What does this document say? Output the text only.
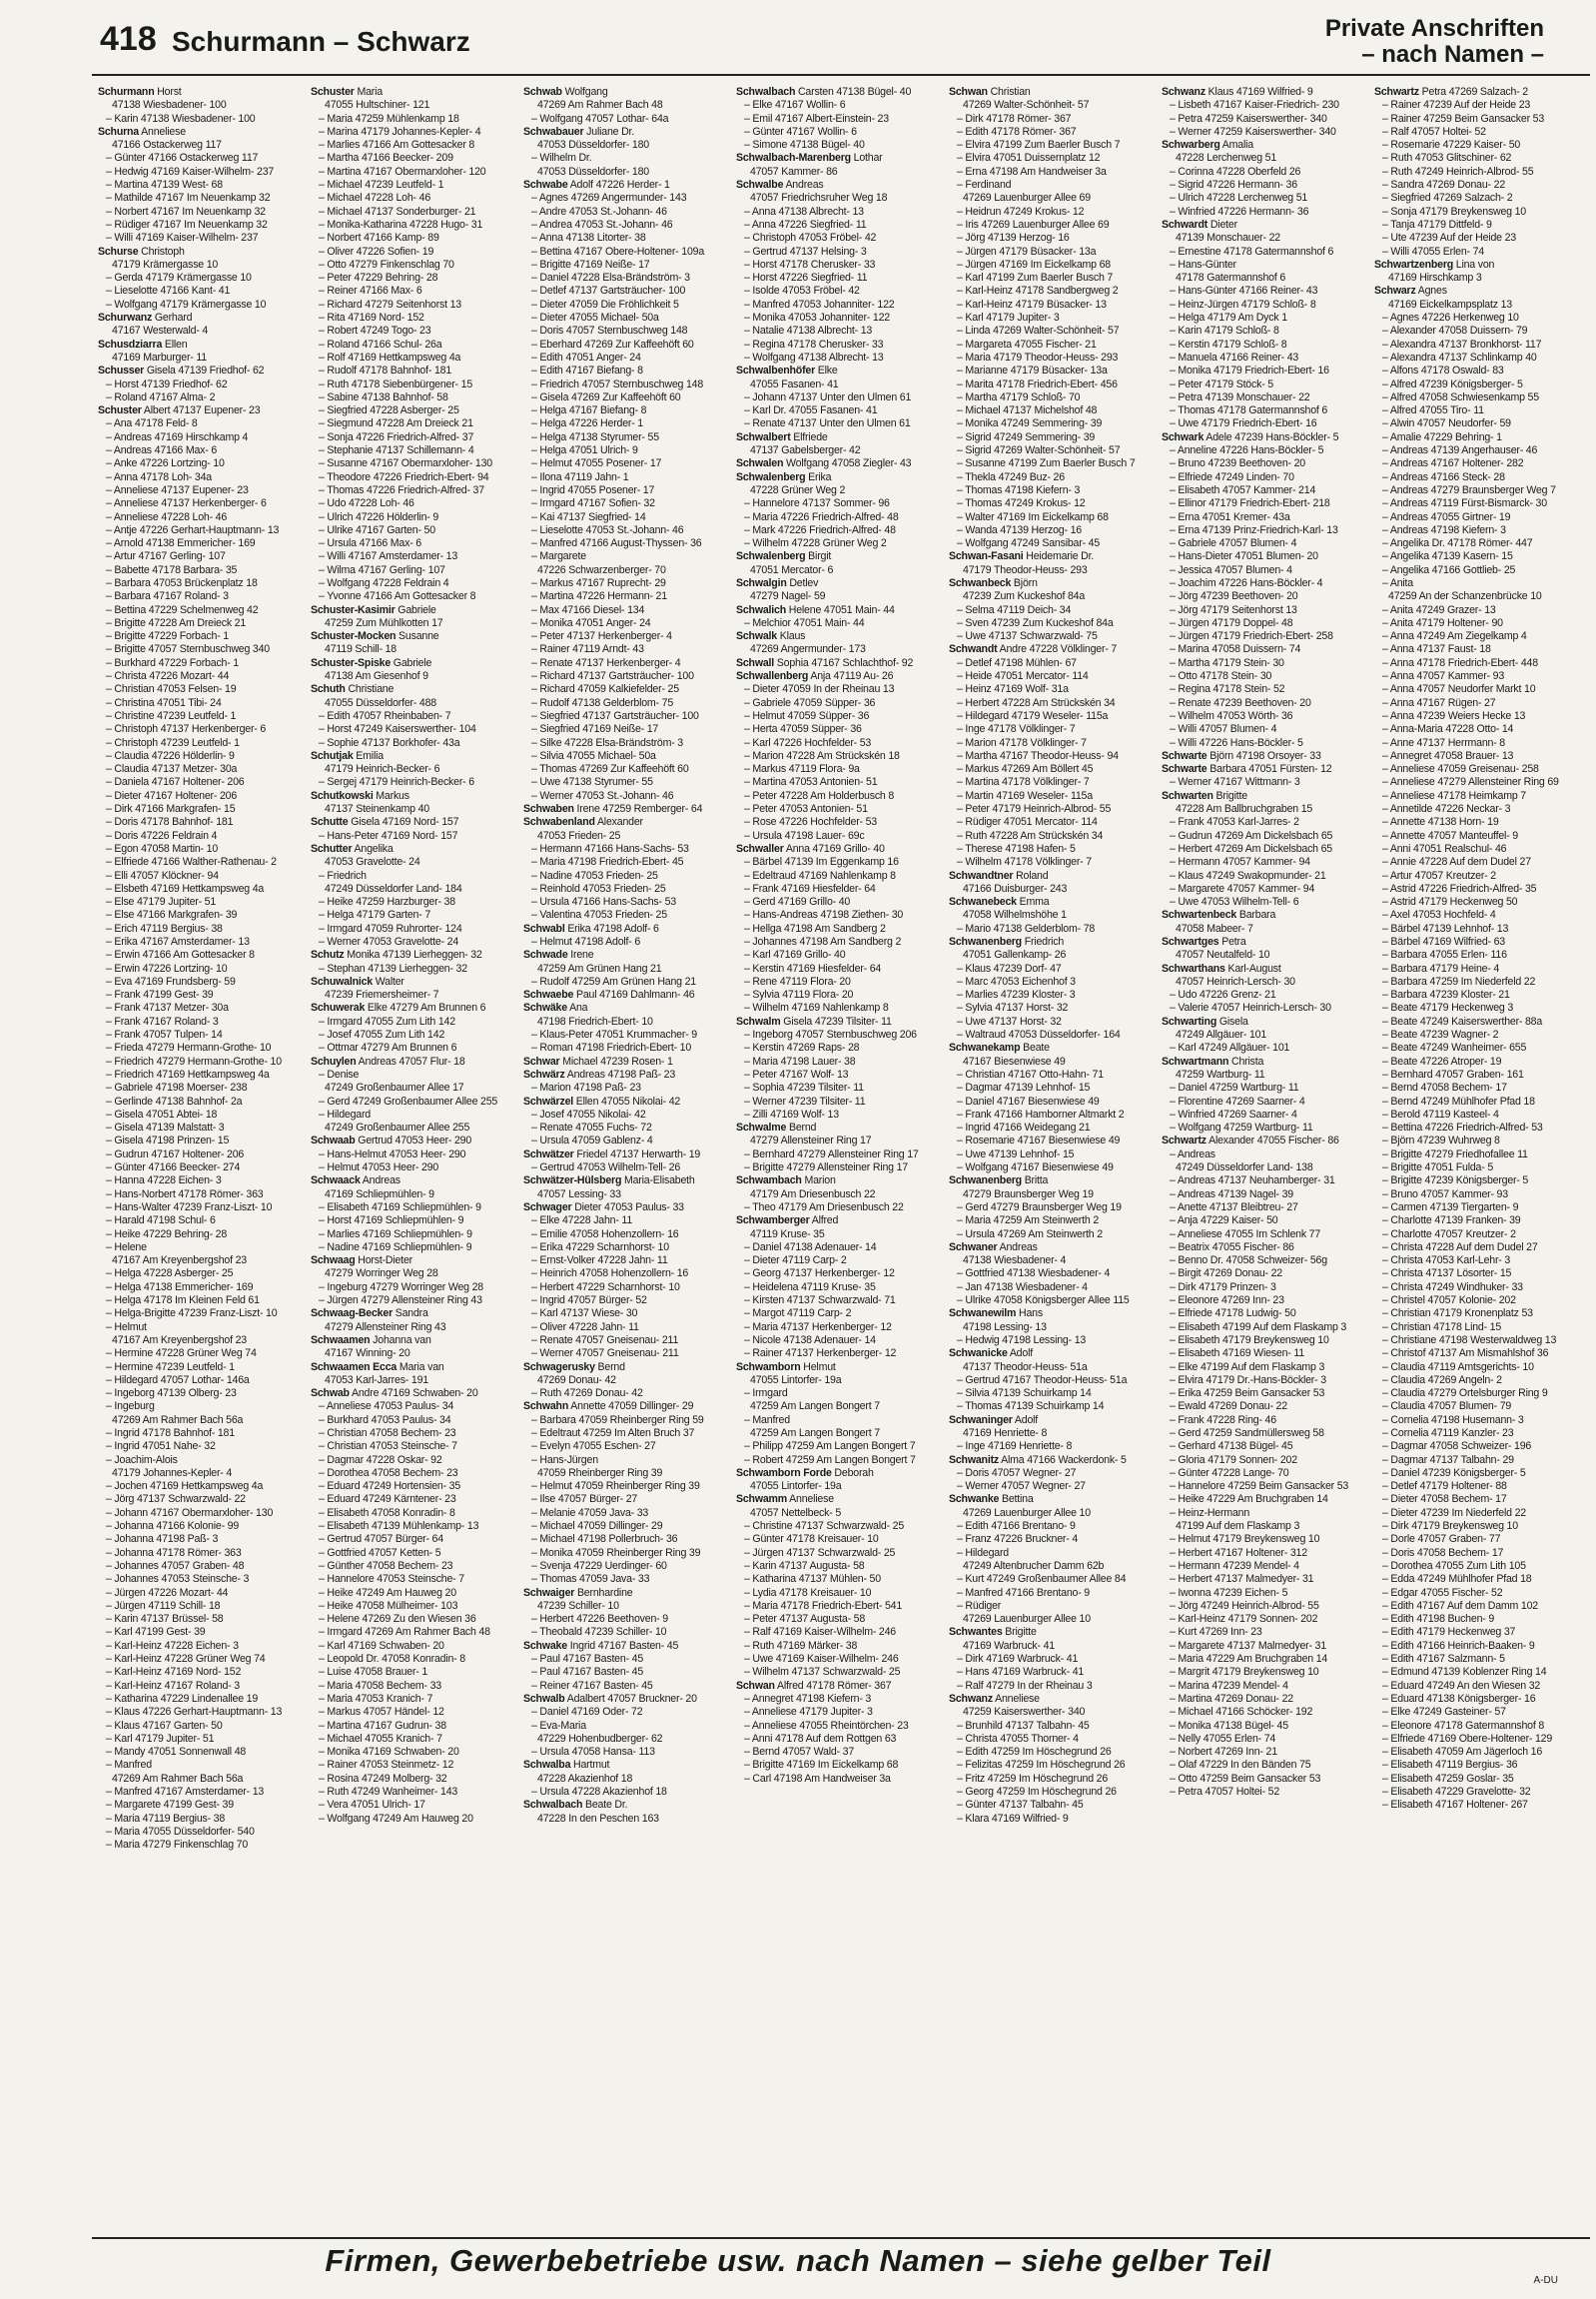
418 Schurmann – Schwarz	Private Anschriften
– nach Namen –
Schurmann Horst
47138 Wiesbadener- 100
– Karin 47138 Wiesbadener- 100
Schurna Anneliese
47166 Ostackerweg 117
– Günter 47166 Ostackerweg 117
– Hedwig 47169 Kaiser-Wilhelm- 237
– Martina 47139 West- 68
– Mathilde 47167 Im Neuenkamp 32
– Norbert 47167 Im Neuenkamp 32
– Rüdiger 47167 Im Neuenkamp 32
– Willi 47169 Kaiser-Wilhelm- 237
Schurse Christoph
47179 Krämergasse 10
– Gerda 47179 Krämergasse 10
– Lieselotte 47166 Kant- 41
– Wolfgang 47179 Krämergasse 10
Schurwanz Gerhard
47167 Westerwald- 4
Schusdziarra Ellen
47169 Marburger- 11
Schusser Gisela 47139 Friedhof- 62
– Horst 47139 Friedhof- 62
– Roland 47167 Alma- 2
Schuster Albert 47137 Eupener- 23
– Ana 47178 Feld- 8
– Andreas 47169 Hirschkamp 4
– Andreas 47166 Max- 6
– Anke 47226 Lortzing- 10
– Anna 47178 Loh- 34a
– Anneliese 47137 Eupener- 23
– Anneliese 47137 Herkenberger- 6
– Anneliese 47228 Loh- 46
– Antje 47226 Gerhart-Hauptmann- 13
– Arnold 47138 Emmericher- 169
– Artur 47167 Gerling- 107
– Babette 47178 Barbara- 35
– Barbara 47053 Brückenplatz 18
– Barbara 47167 Roland- 3
– Bettina 47229 Schelmenweg 42
– Brigitte 47228 Am Dreieck 21
– Brigitte 47229 Forbach- 1
– Brigitte 47057 Sternbuschweg 340
– Burkhard 47229 Forbach- 1
– Christa 47226 Mozart- 44
– Christian 47053 Felsen- 19
– Christina 47051 Tibi- 24
– Christine 47239 Leutfeld- 1
– Christoph 47137 Herkenberger- 6
– Christoph 47239 Leutfeld- 1
– Claudia 47226 Hölderlin- 9
– Claudia 47137 Metzer- 30a
– Daniela 47167 Holtener- 206
– Dieter 47167 Holtener- 206
– Dirk 47166 Markgrafen- 15
– Doris 47178 Bahnhof- 181
– Doris 47226 Feldrain 4
– Egon 47058 Martin- 10
– Elfriede 47166 Walther-Rathenau- 2
– Elli 47057 Klöckner- 94
– Elsbeth 47169 Hettkampsweg 4a
– Else 47179 Jupiter- 51
– Else 47166 Markgrafen- 39
– Erich 47119 Bergius- 38
– Erika 47167 Amsterdamer- 13
– Erwin 47166 Am Gottesacker 8
– Erwin 47226 Lortzing- 10
– Eva 47169 Frundsberg- 59
– Frank 47199 Gest- 39
– Frank 47137 Metzer- 30a
– Frank 47167 Roland- 3
– Frank 47057 Tulpen- 14
– Frieda 47279 Hermann-Grothe- 10
– Friedrich 47279 Hermann-Grothe- 10
– Friedrich 47169 Hettkampsweg 4a
– Gabriele 47198 Moerser- 238
– Gerlinde 47138 Bahnhof- 2a
– Gisela 47051 Abtei- 18
– Gisela 47139 Malstatt- 3
– Gisela 47198 Prinzen- 15
– Gudrun 47167 Holtener- 206
– Günter 47166 Beecker- 274
– Hanna 47228 Eichen- 3
– Hans-Norbert 47178 Römer- 363
– Hans-Walter 47239 Franz-Liszt- 10
– Harald 47198 Schul- 6
– Heike 47229 Behring- 28
– Helene
47167 Am Kreyenbergshof 23
– Helga 47228 Asberger- 25
– Helga 47138 Emmericher- 169
– Helga 47178 Im Kleinen Feld 61
– Helga-Brigitte 47239 Franz-Liszt- 10
– Helmut
47167 Am Kreyenbergshof 23
– Hermine 47228 Grüner Weg 74
– Hermine 47239 Leutfeld- 1
– Hildegard 47057 Lothar- 146a
– Ingeborg 47139 Olberg- 23
– Ingeburg
47269 Am Rahmer Bach 56a
– Ingrid 47178 Bahnhof- 181
– Ingrid 47051 Nahe- 32
– Joachim-Alois
47179 Johannes-Kepler- 4
– Jochen 47169 Hettkampsweg 4a
– Jörg 47137 Schwarzwald- 22
– Johann 47167 Obermarxloher- 130
– Johanna 47166 Koloniе- 99
– Johanna 47198 Paß- 3
– Johanna 47178 Römer- 363
– Johannes 47057 Graben- 48
– Johannes 47053 Steinsche- 3
– Jürgen 47226 Mozart- 44
– Jürgen 47119 Schill- 18
– Karin 47137 Brüssel- 58
– Karl 47199 Gest- 39
– Karl-Heinz 47228 Eichen- 3
– Karl-Heinz 47228 Grüner Weg 74
– Karl-Heinz 47169 Nord- 152
– Karl-Heinz 47167 Roland- 3
– Katharina 47229 Lindenallee 19
– Klaus 47226 Gerhart-Hauptmann- 13
– Klaus 47167 Garten- 50
– Karl 47179 Jupiter- 51
– Mandy 47051 Sonnenwall 48
– Manfred
47269 Am Rahmer Bach 56a
– Manfred 47167 Amsterdamer- 13
– Margarete 47199 Gest- 39
– Maria 47119 Bergius- 38
– Maria 47055 Düsseldorfer- 540
– Maria 47279 Finkenschlag 70
Schuster Maria
47055 Hultschiner- 121
– Maria 47259 Mühlenkamp 18
– Marina 47179 Johannes-Kepler- 4
– Marlies 47166 Am Gottesacker 8
– Martha 47166 Beecker- 209
– Martina 47167 Obermarxloher- 120
– Michael 47239 Leutfeld- 1
– Michael 47228 Loh- 46
– Michael 47137 Sonderburger- 21
– Monika-Katharina 47228 Hugo- 31
– Norbert 47166 Kamp- 89
– Oliver 47226 Sofien- 19
– Otto 47279 Finkenschlag 70
– Peter 47229 Behring- 28
– Reiner 47166 Max- 6
– Richard 47279 Seitenhorst 13
– Rita 47169 Nord- 152
– Robert 47249 Togo- 23
– Roland 47166 Schul- 26a
– Rolf 47169 Hettkampsweg 4a
– Rudolf 47178 Bahnhof- 181
– Ruth 47178 Siebenbürgener- 15
– Sabine 47138 Bahnhof- 58
– Siegfried 47228 Asberger- 25
– Siegmund 47228 Am Dreieck 21
– Sonja 47226 Friedrich-Alfred- 37
– Stephanie 47137 Schillemann- 4
– Susanne 47167 Obermarxloher- 130
– Theodore 47226 Friedrich-Ebert- 94
– Thomas 47226 Friedrich-Alfred- 37
– Udo 47228 Loh- 46
– Ulrich 47226 Hölderlin- 9
– Ulrike 47167 Garten- 50
– Ursula 47166 Max- 6
– Willi 47167 Amsterdamer- 13
– Wilma 47167 Gerling- 107
– Wolfgang 47228 Feldrain 4
– Yvonne 47166 Am Gottesacker 8
Schuster-Kasimir Gabriele
47259 Zum Mühlkotten 17
Schuster-Mocken Susanne
47119 Schill- 18
Schuster-Spiske Gabriele
47138 Am Giesenhof 9
Schuth Christiane
47055 Düsseldorfer- 488
– Edith 47057 Rheinbaben- 7
– Horst 47249 Kaiserswerther- 104
– Sophie 47137 Borkhofer- 43a
Schutjak Emilia
47179 Heinrich-Becker- 6
– Sergej 47179 Heinrich-Becker- 6
Schutkowski Markus
47137 Steinenkamp 40
Schutte Gisela 47169 Nord- 157
– Hans-Peter 47169 Nord- 157
Schutter Angelika
47053 Gravelotte- 24
– Friedrich
47249 Düsseldorfer Land- 184
– Heike 47259 Harzburger- 38
– Helga 47179 Garten- 7
– Irmgard 47059 Ruhrorter- 124
– Werner 47053 Gravelotte- 24
Schutz Monika 47139 Lierheggen- 32
– Stephan 47139 Lierheggen- 32
Schuwalnick Walter
47239 Friemersheimer- 7
Schuwerak Elke 47279 Am Brunnen 6
– Irmgard 47055 Zum Lith 142
– Josef 47055 Zum Lith 142
– Ottmar 47279 Am Brunnen 6
Schuylen Andreas 47057 Flur- 18
– Denise
47249 Großenbaumer Allee 17
– Gerd 47249 Großenbaumer Allee 255
– Hildegard
47249 Großenbaumer Allee 255
Schwaab Gertrud 47053 Heer- 290
– Hans-Helmut 47053 Heer- 290
– Helmut 47053 Heer- 290
Schwaack Andreas
47169 Schliepmühlen- 9
– Elisabeth 47169 Schliepmühlen- 9
– Horst 47169 Schliepmühlen- 9
– Marlies 47169 Schliepmühlen- 9
– Nadine 47169 Schliepmühlen- 9
Schwaag Horst-Dieter
47279 Worringer Weg 28
– Ingeburg 47279 Worringer Weg 28
– Jürgen 47279 Allensteiner Ring 43
Schwaag-Becker Sandra
47279 Allensteiner Ring 43
Schwaamen Johanna van
47167 Winning- 20
Schwaamen Ecca Maria van
47053 Karl-Jarres- 191
Schwab Andre 47169 Schwaben- 20
– Anneliese 47053 Paulus- 34
– Burkhard 47053 Paulus- 34
– Christian 47058 Bechem- 23
– Christian 47053 Steinsche- 7
– Dagmar 47228 Oskar- 92
– Dorothea 47058 Bechem- 23
– Eduard 47249 Hortensien- 35
– Eduard 47249 Kärntener- 23
– Elisabeth 47058 Konradin- 8
– Elisabeth 47139 Mühlenkamp- 13
– Gertrud 47057 Bürger- 64
– Gottfried 47057 Ketten- 5
– Günther 47058 Bechem- 23
– Hannelore 47053 Steinsche- 7
– Heike 47249 Am Hauweg 20
– Heike 47058 Mülheimer- 103
– Helene 47269 Zu den Wiesen 36
– Irmgard 47269 Am Rahmer Bach 48
– Karl 47169 Schwaben- 20
– Leopold Dr. 47058 Konradin- 8
– Luise 47058 Brauer- 1
– Maria 47058 Bechem- 33
– Maria 47053 Kranich- 7
– Markus 47057 Händel- 12
– Martina 47167 Gudrun- 38
– Michael 47055 Kranich- 7
– Monika 47169 Schwaben- 20
– Rainer 47053 Steinmetz- 12
– Rosina 47249 Molberg- 32
– Ruth 47249 Wanheimer- 143
– Vera 47051 Ulrich- 17
– Wolfgang 47249 Am Hauweg 20
Schwab Wolfgang
47269 Am Rahmer Bach 48
– Wolfgang 47057 Lothar- 64a
Schwabauer Juliane Dr.
47053 Düsseldorfer- 180
– Wilhelm Dr.
47053 Düsseldorfer- 180
Schwabe Adolf 47226 Herder- 1
– Agnes 47269 Angermunder- 143
– Andre 47053 St.-Johann- 46
– Andrea 47053 St.-Johann- 46
– Anna 47138 Litorter- 38
– Bettina 47167 Obere-Holtener- 109a
– Brigitte 47169 Neiße- 17
– Daniel 47228 Elsa-Brändström- 3
– Detlef 47137 Gartsträucher- 100
– Dieter 47059 Die Fröhlichkeit 5
– Dieter 47055 Michael- 50a
– Doris 47057 Sternbuschweg 148
– Eberhard 47269 Zur Kaffeehöft 60
– Edith 47051 Anger- 24
– Edith 47167 Biefang- 8
– Friedrich 47057 Sternbuschweg 148
– Gisela 47269 Zur Kaffeehöft 60
– Helga 47167 Biefang- 8
– Helga 47226 Herder- 1
– Helga 47138 Styrumer- 55
– Helga 47051 Ulrich- 9
– Helmut 47055 Posener- 17
– Ilona 47119 Jahn- 1
– Ingrid 47055 Posener- 17
– Irmgard 47167 Sofien- 32
– Kai 47137 Siegfried- 14
– Lieselotte 47053 St.-Johann- 46
– Manfred 47166 August-Thyssen- 36
– Margarete
47226 Schwarzenberger- 70
– Markus 47167 Ruprecht- 29
– Martina 47226 Hermann- 21
– Max 47166 Diesel- 134
– Monika 47051 Anger- 24
– Peter 47137 Herkenberger- 4
– Rainer 47119 Arndt- 43
– Renate 47137 Herkenberger- 4
– Richard 47137 Gartsträucher- 100
– Richard 47059 Kalkiefelder- 25
– Rudolf 47138 Gelderblom- 75
– Siegfried 47137 Gartsträucher- 100
– Siegfried 47169 Neiße- 17
– Silke 47228 Elsa-Brändström- 3
– Silvia 47055 Michael- 50a
– Thomas 47269 Zur Kaffeehöft 60
– Uwe 47138 Styrumer- 55
– Werner 47053 St.-Johann- 46
Schwaben Irene 47259 Remberger- 64
Schwabenland Alexander
47053 Frieden- 25
– Hermann 47166 Hans-Sachs- 53
– Maria 47198 Friedrich-Ebert- 45
– Nadine 47053 Frieden- 25
– Reinhold 47053 Frieden- 25
– Ursula 47166 Hans-Sachs- 53
– Valentina 47053 Frieden- 25
Schwabl Erika 47198 Adolf- 6
– Helmut 47198 Adolf- 6
Schwade Irene
47259 Am Grünen Hang 21
– Rudolf 47259 Am Grünen Hang 21
Schwaebe Paul 47169 Dahlmann- 46
Schwäke Ana
47198 Friedrich-Ebert- 10
– Klaus-Peter 47051 Krummacher- 9
– Roman 47198 Friedrich-Ebert- 10
Schwar Michael 47239 Rosen- 1
Schwärz Andreas 47198 Paß- 23
– Marion 47198 Paß- 23
Schwärzel Ellen 47055 Nikolai- 42
– Josef 47055 Nikolai- 42
– Renate 47055 Fuchs- 72
– Ursula 47059 Gablenz- 4
Schwätzer Friedel 47137 Herwarth- 19
– Gertrud 47053 Wilhelm-Tell- 26
Schwätzer-Hülsberg Maria-Elisabeth
47057 Lessing- 33
Schwager Dieter 47053 Paulus- 33
– Elke 47228 Jahn- 11
– Emilie 47058 Hohenzollern- 16
– Erika 47229 Scharnhorst- 10
– Ernst-Volker 47228 Jahn- 11
– Heinrich 47058 Hohenzollern- 16
– Herbert 47229 Scharnhorst- 10
– Ingrid 47057 Bürger- 52
– Karl 47137 Wiese- 30
– Oliver 47228 Jahn- 11
– Renate 47057 Gneisenau- 211
– Werner 47057 Gneisenau- 211
Schwagerusky Bernd
47269 Donau- 42
– Ruth 47269 Donau- 42
Schwahn Annette 47059 Dillinger- 29
– Barbara 47059 Rheinberger Ring 59
– Edeltraut 47259 Im Alten Bruch 37
– Evelyn 47055 Eschen- 27
– Hans-Jürgen
47059 Rheinberger Ring 39
– Helmut 47059 Rheinberger Ring 39
– Ilse 47057 Bürger- 27
– Melanie 47059 Java- 33
– Michael 47059 Dillinger- 29
– Michael 47198 Pollerbruch- 36
– Monika 47059 Rheinberger Ring 39
– Svenja 47229 Uerdinger- 60
– Thomas 47059 Java- 33
Schwaiger Bernhardine
47239 Schiller- 10
– Herbert 47226 Beethoven- 9
– Theobald 47239 Schiller- 10
Schwake Ingrid 47167 Basten- 45
– Paul 47167 Basten- 45
– Paul 47167 Basten- 45
– Reiner 47167 Basten- 45
Schwalb Adalbert 47057 Bruckner- 20
– Daniel 47169 Oder- 72
– Eva-Maria
47229 Hohenbudberger- 62
– Ursula 47058 Hansa- 113
Schwalba Hartmut
47228 Akazienhof 18
– Ursula 47228 Akazienhof 18
Schwalbach Beate Dr.
47228 In den Peschen 163
Schwalbach Carsten 47138 Bügel- 40
– Elke 47167 Wollin- 6
– Emil 47167 Albert-Einstein- 23
– Günter 47167 Wollin- 6
– Simone 47138 Bügel- 40
Schwalbach-Marenberg Lothar
47057 Kammer- 86
Schwalbe Andreas
47057 Friedrichsruher Weg 18
– Anna 47138 Albrecht- 13
– Anna 47226 Siegfried- 11
– Christoph 47053 Fröbel- 42
– Gertrud 47137 Helsing- 3
– Horst 47178 Cherusker- 33
– Horst 47226 Siegfried- 11
– Isolde 47053 Fröbel- 42
– Manfred 47053 Johanniter- 122
– Monika 47053 Johanniter- 122
– Natalie 47138 Albrecht- 13
– Regina 47178 Cherusker- 33
– Wolfgang 47138 Albrecht- 13
Schwalbenhöfer Elke
47055 Fasanen- 41
– Johann 47137 Unter den Ulmen 61
– Karl Dr. 47055 Fasanen- 41
– Renate 47137 Unter den Ulmen 61
Schwalbert Elfriede
47137 Gabelsberger- 42
Schwalen Wolfgang 47058 Ziegler- 43
Schwalenberg Erika
47228 Grüner Weg 2
– Hannelore 47137 Sommer- 96
– Maria 47226 Friedrich-Alfred- 48
– Mark 47226 Friedrich-Alfred- 48
– Wilhelm 47228 Grüner Weg 2
Schwalenberg Birgit
47051 Mercator- 6
Schwalgin Detlev
47279 Nagel- 59
Schwalich Helene 47051 Main- 44
– Melchior 47051 Main- 44
Schwalk Klaus
47269 Angermunder- 173
Schwall Sophia 47167 Schlachthof- 92
Schwallenberg Anja 47119 Au- 26
– Dieter 47059 In der Rheinau 13
– Gabriele 47059 Süpper- 36
– Helmut 47059 Süpper- 36
– Herta 47059 Süpper- 36
– Karl 47226 Hochfelder- 53
– Marion 47228 Am Strückskén 18
– Markus 47119 Flora- 9a
– Martina 47053 Antonien- 51
– Peter 47228 Am Holderbusch 8
– Peter 47053 Antonien- 51
– Rose 47226 Hochfelder- 53
– Ursula 47198 Lauer- 69c
Schwaller Anna 47169 Grillo- 40
– Bärbel 47139 Im Eggenkamp 16
– Edeltraud 47169 Nahlenkamp 8
– Frank 47169 Hiesfelder- 64
– Gerd 47169 Grillo- 40
– Hans-Andreas 47198 Ziethen- 30
– Hellga 47198 Am Sandberg 2
– Johannes 47198 Am Sandberg 2
– Karl 47169 Grillo- 40
– Kerstin 47169 Hiesfelder- 64
– Rene 47119 Flora- 20
– Sylvia 47119 Flora- 20
– Wilhelm 47169 Nahlenkamp 8
Schwalm Gisela 47239 Tilsiter- 11
– Ingeborg 47057 Sternbuschweg 206
– Kerstin 47269 Raps- 28
– Maria 47198 Lauer- 38
– Peter 47167 Wolf- 13
– Sophia 47239 Tilsiter- 11
– Werner 47239 Tilsiter- 11
– Zilli 47169 Wolf- 13
Schwalme Bernd
47279 Allensteiner Ring 17
– Bernhard 47279 Allensteiner Ring 17
– Brigitte 47279 Allensteiner Ring 17
Schwambach Marion
47179 Am Driesenbusch 22
– Theo 47179 Am Driesenbusch 22
Schwamberger Alfred
47119 Kruse- 35
– Daniel 47138 Adenauer- 14
– Dieter 47119 Carp- 2
– Georg 47137 Herkenberger- 12
– Heidelena 47119 Kruse- 35
– Kirsten 47137 Schwarzwald- 71
– Margot 47119 Carp- 2
– Maria 47137 Herkenberger- 12
– Nicole 47138 Adenauer- 14
– Rainer 47137 Herkenberger- 12
Schwamborn Helmut
47055 Lintorfer- 19a
– Irmgard
47259 Am Langen Bongert 7
– Manfred
47259 Am Langen Bongert 7
– Philipp 47259 Am Langen Bongert 7
– Robert 47259 Am Langen Bongert 7
Schwamborn Forde Deborah
47055 Lintorfer- 19a
Schwamm Anneliese
47057 Nettelbeck- 5
– Christine 47137 Schwarzwald- 25
– Günter 47178 Kreisauer- 10
– Jürgen 47137 Schwarzwald- 25
– Karin 47137 Augusta- 58
– Katharina 47137 Mühlen- 50
– Lydia 47178 Kreisauer- 10
– Maria 47178 Friedrich-Ebert- 541
– Peter 47137 Augusta- 58
– Ralf 47169 Kaiser-Wilhelm- 246
– Ruth 47169 Märker- 38
– Uwe 47169 Kaiser-Wilhelm- 246
– Wilhelm 47137 Schwarzwald- 25
Schwan Alfred 47178 Römer- 367
– Annegret 47198 Kiefern- 3
– Anneliese 47179 Jupiter- 3
– Anneliese 47055 Rheintörchen- 23
– Anni 47178 Auf dem Rottgen 63
– Bernd 47057 Wald- 37
– Brigitte 47169 Im Eickelkamp 68
– Carl 47198 Am Handweiser 3a
Schwan Christian
47269 Walter-Schönheit- 57
– Dirk 47178 Römer- 367
– Edith 47178 Römer- 367
– Elvira 47199 Zum Baerler Busch 7
– Elvira 47051 Duissernplatz 12
– Erna 47198 Am Handweiser 3a
– Ferdinand
47269 Lauenburger Allee 69
– Heidrun 47249 Krokus- 12
– Iris 47269 Lauenburger Allee 69
– Jörg 47139 Herzog- 16
– Jürgen 47179 Büsacker- 13a
– Jürgen 47169 Im Eickelkamp 68
– Karl 47199 Zum Baerler Busch 7
– Karl-Heinz 47178 Sandbergweg 2
– Karl-Heinz 47179 Büsacker- 13
– Karl 47179 Jupiter- 3
– Linda 47269 Walter-Schönheit- 57
– Margareta 47055 Fischer- 21
– Maria 47179 Theodor-Heuss- 293
– Marianne 47179 Büsacker- 13a
– Marita 47178 Friedrich-Ebert- 456
– Martha 47179 Schloß- 70
– Michael 47137 Michelshof 48
– Monika 47249 Semmering- 39
– Sigrid 47249 Semmering- 39
– Sigrid 47269 Walter-Schönheit- 57
– Susanne 47199 Zum Baerler Busch 7
– Thekla 47249 Buz- 26
– Thomas 47198 Kiefern- 3
– Thomas 47249 Krokus- 12
– Walter 47169 Im Eickelkamp 68
– Wanda 47139 Herzog- 16
– Wolfgang 47249 Sansibar- 45
Schwan-Fasani Heidemarie Dr.
47179 Theodor-Heuss- 293
Schwanbeck Björn
47239 Zum Kuckeshof 84a
– Selma 47119 Deich- 34
– Sven 47239 Zum Kuckeshof 84a
– Uwe 47137 Schwarzwald- 75
Schwandt Andre 47228 Völklinger- 7
– Detlef 47198 Mühlen- 67
– Heide 47051 Mercator- 114
– Heinz 47169 Wolf- 31a
– Herbert 47228 Am Strückskén 34
– Hildegard 47179 Weseler- 115a
– Inge 47178 Völklinger- 7
– Marion 47178 Völklinger- 7
– Martha 47167 Theodor-Heuss- 94
– Markus 47269 Am Böllert 45
– Martina 47178 Völklinger- 7
– Martin 47169 Weseler- 115a
– Peter 47179 Heinrich-Albrod- 55
– Rüdiger 47051 Mercator- 114
– Ruth 47228 Am Strückskén 34
– Therese 47198 Hafen- 5
– Wilhelm 47178 Völklinger- 7
Schwandtner Roland
47166 Duisburger- 243
Schwanebeck Emma
47058 Wilhelmshöhe 1
– Mario 47138 Gelderblom- 78
Schwanenberg Friedrich
47051 Gallenkamp- 26
– Klaus 47239 Dorf- 47
– Marc 47053 Eichenhof 3
– Marlies 47239 Kloster- 3
– Sylvia 47137 Horst- 32
– Uwe 47137 Horst- 32
– Waltraud 47053 Düsseldorfer- 164
Schwanekamp Beate
47167 Biesenwiese 49
– Christian 47167 Otto-Hahn- 71
– Dagmar 47139 Lehnhof- 15
– Daniel 47167 Biesenwiese 49
– Frank 47166 Hamborner Altmarkt 2
– Ingrid 47166 Weidegang 21
– Rosemarie 47167 Biesenwiese 49
– Uwe 47139 Lehnhof- 15
– Wolfgang 47167 Biesenwiese 49
Schwanenberg Britta
47279 Braunsberger Weg 19
– Gerd 47279 Braunsberger Weg 19
– Maria 47259 Am Steinwerth 2
– Ursula 47269 Am Steinwerth 2
Schwaner Andreas
47138 Wiesbadener- 4
– Gottfried 47138 Wiesbadener- 4
– Jan 47138 Wiesbadener- 4
– Ulrike 47058 Königsberger Allee 115
Schwanewilm Hans
47198 Lessing- 13
– Hedwig 47198 Lessing- 13
Schwanicke Adolf
47137 Theodor-Heuss- 51a
– Gertrud 47167 Theodor-Heuss- 51a
– Silvia 47139 Schuirkamp 14
– Thomas 47139 Schuirkamp 14
Schwaninger Adolf
47169 Henriette- 8
– Inge 47169 Henriette- 8
Schwanitz Alma 47166 Wackerdonk- 5
– Doris 47057 Wegner- 27
– Werner 47057 Wegner- 27
Schwanke Bettina
47269 Lauenburger Allee 10
– Edith 47166 Brentano- 9
– Franz 47226 Bruckner- 4
– Hildegard
47249 Altenbrucher Damm 62b
– Kurt 47249 Großenbaumer Allee 84
– Manfred 47166 Brentano- 9
– Rüdiger
47269 Lauenburger Allee 10
Schwantes Brigitte
47169 Warbruck- 41
– Dirk 47169 Warbruck- 41
– Hans 47169 Warbruck- 41
– Ralf 47279 In der Rheinau 3
Schwanz Anneliese
47259 Kaiserswerther- 340
– Brunhild 47137 Talbahn- 45
– Christa 47055 Thorner- 4
– Edith 47259 Im Höschegrund 26
– Felizitas 47259 Im Höschegrund 26
– Fritz 47259 Im Höschegrund 26
– Georg 47259 Im Höschegrund 26
– Günter 47137 Talbahn- 45
– Klara 47169 Wilfried- 9
Schwanz Klaus 47169 Wilfried- 9
– Lisbeth 47167 Kaiser-Friedrich- 230
– Petra 47259 Kaiserswerther- 340
– Werner 47259 Kaiserswerther- 340
Schwarberg Amalia
47228 Lerchenweg 51
– Corinna 47228 Oberfeld 26
– Sigrid 47226 Hermann- 36
– Ulrich 47228 Lerchenweg 51
– Winfried 47226 Hermann- 36
Schwardt Dieter
47139 Monschauer- 22
– Ernestine 47178 Gatermannshof 6
– Hans-Günter
47178 Gatermannshof 6
– Hans-Günter 47166 Reiner- 43
– Heinz-Jürgen 47179 Schloß- 8
– Helga 47179 Am Dyck 1
– Karin 47179 Schloß- 8
– Kerstin 47179 Schloß- 8
– Manuela 47166 Reiner- 43
– Monika 47179 Friedrich-Ebert- 16
– Peter 47179 Stöck- 5
– Petra 47139 Monschauer- 22
– Thomas 47178 Gatermannshof 6
– Uwe 47179 Friedrich-Ebert- 16
Schwark Adele 47239 Hans-Böckler- 5
– Anneline 47226 Hans-Böckler- 5
– Bruno 47239 Beethoven- 20
– Elfriede 47249 Linden- 70
– Elisabeth 47057 Kammer- 214
– Ellinor 47179 Friedrich-Ebert- 218
– Erna 47051 Kremer- 43a
– Erna 47139 Prinz-Friedrich-Karl- 13
– Gabriele 47057 Blumen- 4
– Hans-Dieter 47051 Blumen- 20
– Jessica 47057 Blumen- 4
– Joachim 47226 Hans-Böckler- 4
– Jörg 47239 Beethoven- 20
– Jörg 47179 Seitenhorst 13
– Jürgen 47179 Doppel- 48
– Jürgen 47179 Friedrich-Ebert- 258
– Marina 47058 Duissern- 74
– Martha 47179 Stein- 30
– Otto 47178 Stein- 30
– Regina 47178 Stein- 52
– Renate 47239 Beethoven- 20
– Wilhelm 47053 Wörth- 36
– Willi 47057 Blumen- 4
– Willi 47226 Hans-Böckler- 5
Schwarte Björn 47198 Orsoyer- 33
Schwarte Barbara 47051 Fürsten- 12
– Werner 47167 Wittmann- 3
Schwarten Brigitte
47228 Am Ballbruchgraben 15
– Frank 47053 Karl-Jarres- 2
– Gudrun 47269 Am Dickelsbach 65
– Herbert 47269 Am Dickelsbach 65
– Hermann 47057 Kammer- 94
– Klaus 47249 Swakopmunder- 21
– Margarete 47057 Kammer- 94
– Uwe 47053 Wilhelm-Tell- 6
Schwartenbeck Barbara
47058 Mabeer- 7
Schwartges Petra
47057 Neutalfeld- 10
Schwarthans Karl-August
47057 Heinrich-Lersch- 30
– Udo 47226 Grenz- 21
– Valerie 47057 Heinrich-Lersch- 30
Schwarting Gisela
47249 Allgäuer- 101
– Karl 47249 Allgäuer- 101
Schwartmann Christa
47259 Wartburg- 11
– Daniel 47259 Wartburg- 11
– Florentine 47269 Saarner- 4
– Winfried 47269 Saarner- 4
– Wolfgang 47259 Wartburg- 11
Schwartz Alexander 47055 Fischer- 86
– Andreas
47249 Düsseldorfer Land- 138
– Andreas 47137 Neuhamberger- 31
– Andreas 47139 Nagel- 39
– Anette 47137 Bleibtreu- 27
– Anja 47229 Kaiser- 50
– Anneliese 47055 Im Schlenk 77
– Beatrix 47055 Fischer- 86
– Benno Dr. 47058 Schweizer- 56g
– Birgit 47269 Donau- 22
– Dirk 47179 Prinzen- 3
– Eleonore 47269 Inn- 23
– Elfriede 47178 Ludwig- 50
– Elisabeth 47199 Auf dem Flaskamp 3
– Elisabeth 47179 Breykensweg 10
– Elisabeth 47169 Wiesen- 11
– Elke 47199 Auf dem Flaskamp 3
– Elvira 47179 Dr.-Hans-Böckler- 3
– Erika 47259 Beim Gansacker 53
– Ewald 47269 Donau- 22
– Frank 47228 Ring- 46
– Gerd 47259 Sandmüllersweg 58
– Gerhard 47138 Bügel- 45
– Gloria 47179 Sonnen- 202
– Günter 47228 Lange- 70
– Hannelore 47259 Beim Gansacker 53
– Heike 47229 Am Bruchgraben 14
– Heinz-Hermann
47199 Auf dem Flaskamp 3
– Helmut 47179 Breykensweg 10
– Herbert 47167 Holtener- 312
– Hermann 47239 Mendel- 4
– Herbert 47137 Malmedyer- 31
– Iwonna 47239 Eichen- 5
– Jörg 47249 Heinrich-Albrod- 55
– Karl-Heinz 47179 Sonnen- 202
– Kurt 47269 Inn- 23
– Margarete 47137 Malmedyer- 31
– Maria 47229 Am Bruchgraben 14
– Margrit 47179 Breykensweg 10
– Marina 47239 Mendel- 4
– Martina 47269 Donau- 22
– Michael 47166 Schöcker- 192
– Monika 47138 Bügel- 45
– Nelly 47055 Erlen- 74
– Norbert 47269 Inn- 21
– Olaf 47229 In den Bänden 75
– Otto 47259 Beim Gansacker 53
– Petra 47057 Holtei- 52
Schwartz Petra 47269 Salzach- 2
– Rainer 47239 Auf der Heide 23
– Rainer 47259 Beim Gansacker 53
– Ralf 47057 Holtei- 52
– Rosemarie 47229 Kaiser- 50
– Ruth 47053 Glitschiner- 62
– Ruth 47249 Heinrich-Albrod- 55
– Sandra 47269 Donau- 22
– Siegfried 47269 Salzach- 2
– Sonja 47179 Breykensweg 10
– Tanja 47179 Dittfeld- 9
– Ute 47239 Auf der Heide 23
– Willi 47055 Erlen- 74
Schwartzenberg Lina von
47169 Hirschkamp 3
Schwarz Agnes
47169 Eickelkampsplatz 13
– Agnes 47226 Herkenweg 10
– Alexander 47058 Duissern- 79
– Alexandra 47137 Bronkhorst- 117
– Alexandra 47137 Schlinkamp 40
– Alfons 47178 Oswald- 83
– Alfred 47239 Königsberger- 5
– Alfred 47058 Schwiesenkamp 55
– Alfred 47055 Tiro- 11
– Alwin 47057 Neudorfer- 59
– Amalie 47229 Behring- 1
– Andreas 47139 Angerhauser- 46
– Andreas 47167 Holtener- 282
– Andreas 47166 Steck- 28
– Andreas 47279 Braunsberger Weg 7
– Andreas 47119 Fürst-Bismarck- 30
– Andreas 47055 Girtner- 19
– Andreas 47198 Kiefern- 3
– Angelika Dr. 47178 Römer- 447
– Angelika 47139 Kasern- 15
– Angelika 47166 Gottlieb- 25
– Anita
47259 An der Schanzenbrücke 10
– Anita 47249 Grazer- 13
– Anita 47179 Holtener- 90
– Anna 47249 Am Ziegelkamp 4
– Anna 47137 Faust- 18
– Anna 47178 Friedrich-Ebert- 448
– Anna 47057 Kammer- 93
– Anna 47057 Neudorfer Markt 10
– Anna 47167 Rügen- 27
– Anna 47239 Weiers Hecke 13
– Anna-Maria 47228 Otto- 14
– Anne 47137 Herrmann- 8
– Annegret 47058 Brauer- 13
– Anneliese 47059 Greisenau- 258
– Anneliese 47279 Allensteiner Ring 69
– Anneliese 47178 Heimkamp 7
– Annetilde 47226 Neckar- 3
– Annette 47138 Horn- 19
– Annette 47057 Manteuffel- 9
– Anni 47051 Realschul- 46
– Annie 47228 Auf dem Dudel 27
– Artur 47057 Kreutzer- 2
– Astrid 47226 Friedrich-Alfred- 35
– Astrid 47179 Heckenweg 50
– Axel 47053 Hochfeld- 4
– Bärbel 47139 Lehnhof- 13
– Bärbel 47169 Wilfried- 63
– Barbara 47055 Erlen- 116
– Barbara 47179 Heine- 4
– Barbara 47259 Im Niederfeld 22
– Barbara 47239 Kloster- 21
– Beate 47179 Heckenweg 3
– Beate 47249 Kaiserswerther- 88a
– Beate 47239 Wagner- 2
– Beate 47249 Wanheimer- 655
– Beate 47226 Atroper- 19
– Bernhard 47057 Graben- 161
– Bernd 47058 Bechem- 17
– Bernd 47249 Mühlhofer Pfad 18
– Berold 47119 Kasteel- 4
– Bettina 47226 Friedrich-Alfred- 53
– Björn 47239 Wuhrweg 8
– Brigitte 47279 Friedhofallee 11
– Brigitte 47051 Fulda- 5
– Brigitte 47239 Königsberger- 5
– Bruno 47057 Kammer- 93
– Carmen 47139 Tiergarten- 9
– Charlotte 47139 Franken- 39
– Charlotte 47057 Kreutzer- 2
– Christa 47228 Auf dem Dudel 27
– Christa 47053 Karl-Lehr- 3
– Christa 47137 Lösorter- 15
– Christa 47249 Windhuker- 33
– Christel 47057 Kolonie- 202
– Christian 47179 Kronenplatz 53
– Christian 47178 Lind- 15
– Christiane 47198 Westerwaldweg 13
– Christof 47137 Am Mismahlshof 36
– Claudia 47119 Amtsgerichts- 10
– Claudia 47269 Angeln- 2
– Claudia 47279 Ortelsburger Ring 9
– Claudia 47057 Blumen- 79
– Cornelia 47198 Husemann- 3
– Cornelia 47119 Kanzler- 23
– Dagmar 47058 Schweizer- 196
– Dagmar 47137 Talbahn- 29
– Daniel 47239 Königsberger- 5
– Detlef 47179 Holtener- 88
– Dieter 47058 Bechem- 17
– Dieter 47239 Im Niederfeld 22
– Dirk 47179 Breykensweg 10
– Dorle 47057 Graben- 77
– Doris 47058 Bechem- 17
– Dorothea 47055 Zum Lith 105
– Edda 47249 Mühlhofer Pfad 18
– Edgar 47055 Fischer- 52
– Edith 47167 Auf dem Damm 102
– Edith 47198 Buchen- 9
– Edith 47179 Heckenweg 37
– Edith 47166 Heinrich-Baaken- 9
– Edith 47167 Salzmann- 5
– Edmund 47139 Koblenzer Ring 14
– Eduard 47249 An den Wiesen 32
– Eduard 47138 Königsberger- 16
– Elke 47249 Gasteiner- 57
– Eleonore 47178 Gatermannshof 8
– Elfriede 47169 Obere-Holtener- 129
– Elisabeth 47059 Am Jägerloch 16
– Elisabeth 47119 Bergius- 36
– Elisabeth 47259 Goslar- 35
– Elisabeth 47229 Gravelotte- 32
– Elisabeth 47167 Holtener- 267
Firmen, Gewerbebetriebe usw. nach Namen – siehe gelber Teil
A-DU
